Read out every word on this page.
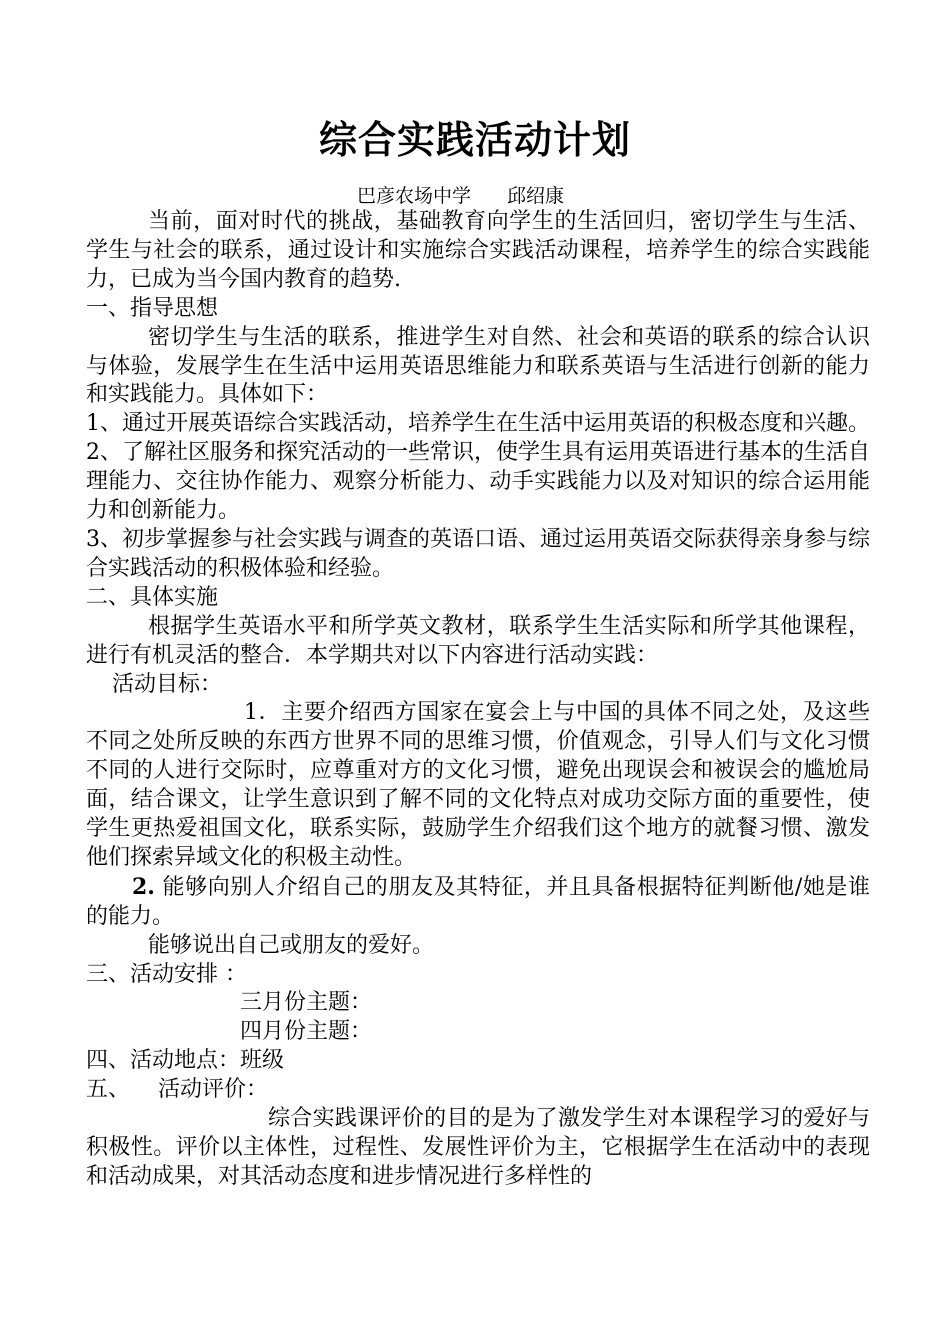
综合实践活动计划
巴彦农场中学 邱绍康

当前，面对时代的挑战，基础教育向学生的生活回归，密切学生与生活、学生与社会的联系，通过设计和实施综合实践活动课程，培养学生的综合实践能力，已成为当今国内教育的趋势.

一、指导思想

密切学生与生活的联系，推进学生对自然、社会和英语的联系的综合认识与体验，发展学生在生活中运用英语思维能力和联系英语与生活进行创新的能力和实践能力。具体如下：

1、通过开展英语综合实践活动，培养学生在生活中运用英语的积极态度和兴趣。

2、了解社区服务和探究活动的一些常识，使学生具有运用英语进行基本的生活自理能力、交往协作能力、观察分析能力、动手实践能力以及对知识的综合运用能力和创新能力。

3、初步掌握参与社会实践与调查的英语口语、通过运用英语交际获得亲身参与综合实践活动的积极体验和经验。

二、具体实施

根据学生英语水平和所学英文教材，联系学生生活实际和所学其他课程，进行有机灵活的整合．本学期共对以下内容进行活动实践：

活动目标：

1．主要介绍西方国家在宴会上与中国的具体不同之处，及这些不同之处所反映的东西方世界不同的思维习惯，价值观念，引导人们与文化习惯不同的人进行交际时，应尊重对方的文化习惯，避免出现误会和被误会的尴尬局面，结合课文，让学生意识到了解不同的文化特点对成功交际方面的重要性，使学生更热爱祖国文化，联系实际，鼓励学生介绍我们这个地方的就餐习惯、激发他们探索异域文化的积极主动性。

2. 能够向别人介绍自己的朋友及其特征，并且具备根据特征判断他/她是谁的能力。

能够说出自己或朋友的爱好。

三、活动安排 ：

三月份主题：

四月份主题：

四、活动地点：班级

五、 活动评价：

综合实践课评价的目的是为了激发学生对本课程学习的爱好与积极性。评价以主体性，过程性、发展性评价为主，它根据学生在活动中的表现和活动成果，对其活动态度和进步情况进行多样性的
